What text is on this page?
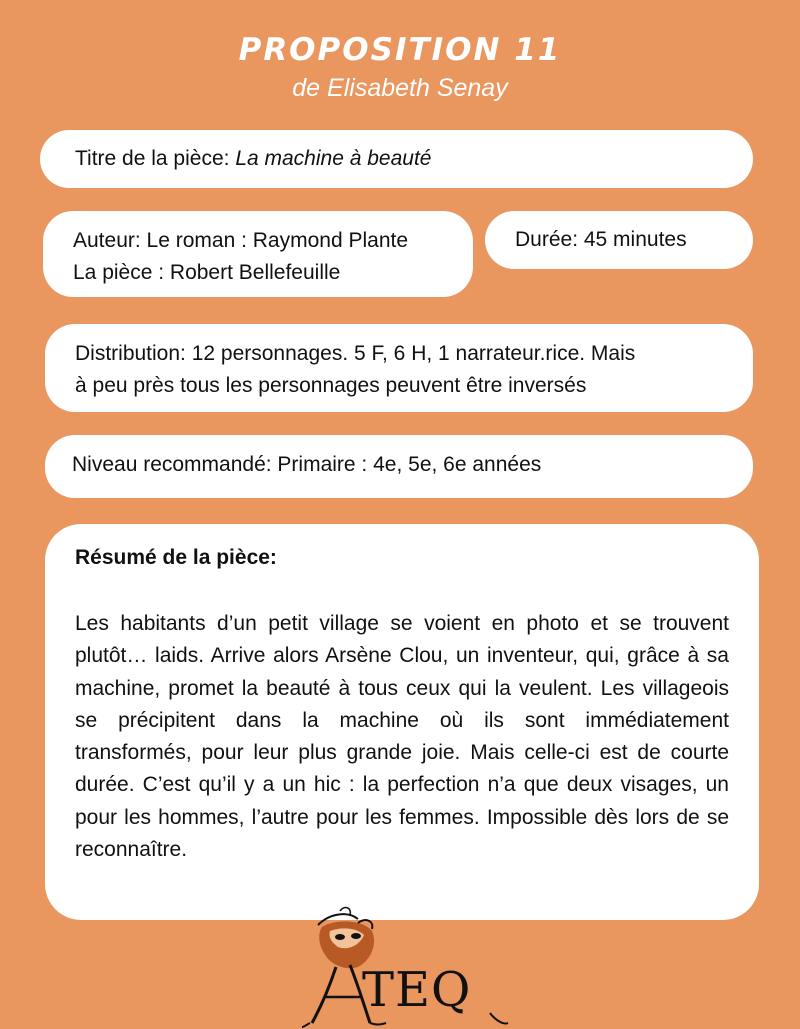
PROPOSITION 11
de Elisabeth Senay
Titre de la pièce: La machine à beauté
Auteur: Le roman : Raymond Plante
La pièce : Robert Bellefeuille
Durée: 45 minutes
Distribution: 12 personnages. 5 F, 6 H, 1 narrateur.rice. Mais
à peu près tous les personnages peuvent être inversés
Niveau recommandé: Primaire : 4e, 5e, 6e années
Résumé de la pièce:
Les habitants d’un petit village se voient en photo et se trouvent plutôt… laids. Arrive alors Arsène Clou, un inventeur, qui, grâce à sa machine, promet la beauté à tous ceux qui la veulent. Les villageois se précipitent dans la machine où ils sont immédiatement transformés, pour leur plus grande joie. Mais celle-ci est de courte durée. C’est qu’il y a un hic : la perfection n’a que deux visages, un pour les hommes, l’autre pour les femmes. Impossible dès lors de se reconnaître.
TEQ
